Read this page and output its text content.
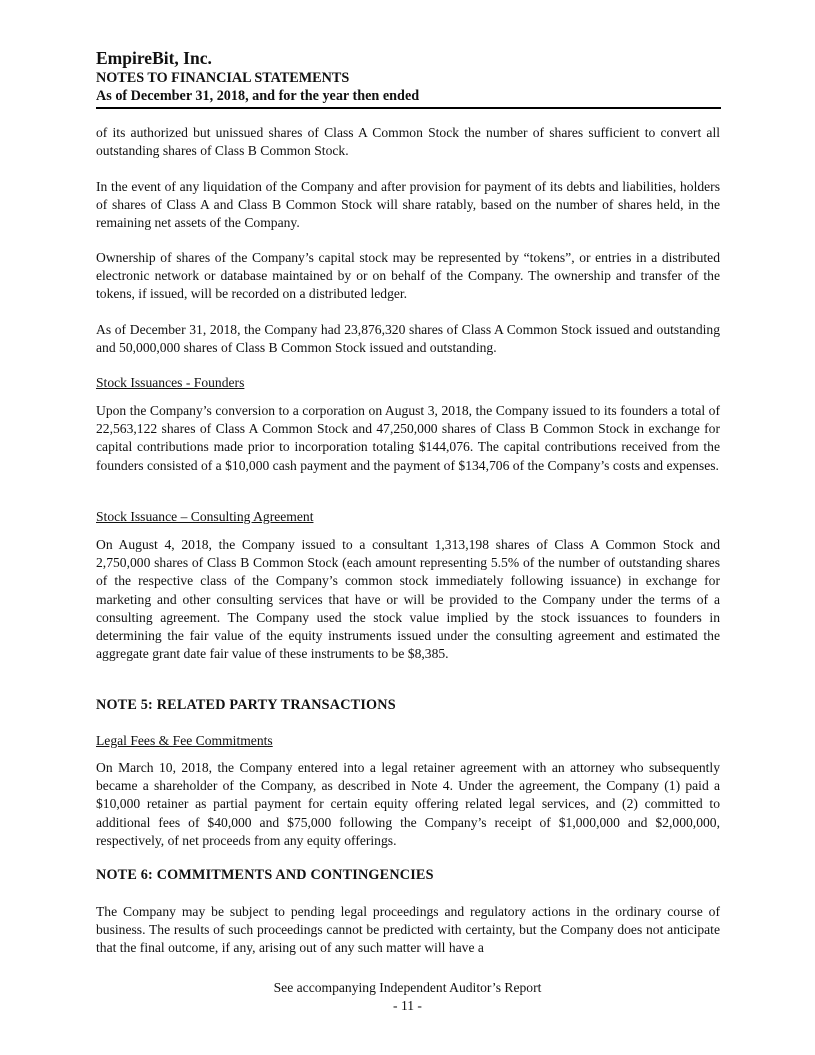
EmpireBit, Inc.
NOTES TO FINANCIAL STATEMENTS
As of December 31, 2018, and for the year then ended
of its authorized but unissued shares of Class A Common Stock the number of shares sufficient to convert all outstanding shares of Class B Common Stock.
In the event of any liquidation of the Company and after provision for payment of its debts and liabilities, holders of shares of Class A and Class B Common Stock will share ratably, based on the number of shares held, in the remaining net assets of the Company.
Ownership of shares of the Company’s capital stock may be represented by “tokens”, or entries in a distributed electronic network or database maintained by or on behalf of the Company. The ownership and transfer of the tokens, if issued, will be recorded on a distributed ledger.
As of December 31, 2018, the Company had 23,876,320 shares of Class A Common Stock issued and outstanding and 50,000,000 shares of Class B Common Stock issued and outstanding.
Stock Issuances - Founders
Upon the Company’s conversion to a corporation on August 3, 2018, the Company issued to its founders a total of 22,563,122 shares of Class A Common Stock and 47,250,000 shares of Class B Common Stock in exchange for capital contributions made prior to incorporation totaling $144,076. The capital contributions received from the founders consisted of a $10,000 cash payment and the payment of $134,706 of the Company’s costs and expenses.
Stock Issuance – Consulting Agreement
On August 4, 2018, the Company issued to a consultant 1,313,198 shares of Class A Common Stock and 2,750,000 shares of Class B Common Stock (each amount representing 5.5% of the number of outstanding shares of the respective class of the Company’s common stock immediately following issuance) in exchange for marketing and other consulting services that have or will be provided to the Company under the terms of a consulting agreement. The Company used the stock value implied by the stock issuances to founders in determining the fair value of the equity instruments issued under the consulting agreement and estimated the aggregate grant date fair value of these instruments to be $8,385.
NOTE 5: RELATED PARTY TRANSACTIONS
Legal Fees & Fee Commitments
On March 10, 2018, the Company entered into a legal retainer agreement with an attorney who subsequently became a shareholder of the Company, as described in Note 4. Under the agreement, the Company (1) paid a $10,000 retainer as partial payment for certain equity offering related legal services, and (2) committed to additional fees of $40,000 and $75,000 following the Company’s receipt of $1,000,000 and $2,000,000, respectively, of net proceeds from any equity offerings.
NOTE 6: COMMITMENTS AND CONTINGENCIES
The Company may be subject to pending legal proceedings and regulatory actions in the ordinary course of business. The results of such proceedings cannot be predicted with certainty, but the Company does not anticipate that the final outcome, if any, arising out of any such matter will have a
See accompanying Independent Auditor’s Report
- 11 -
